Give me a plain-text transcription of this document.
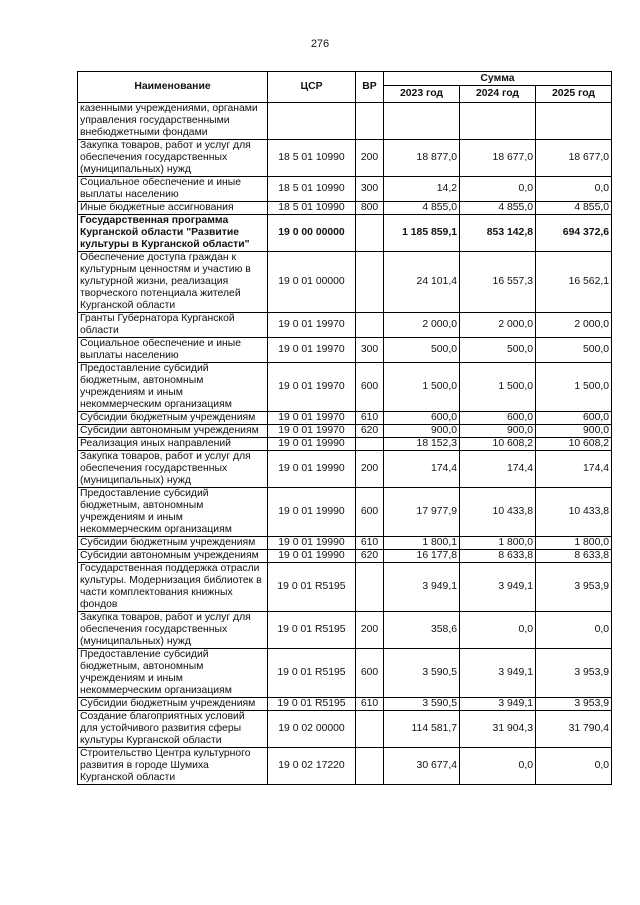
276
Наименование	ЦСР	ВР	Сумма		
			2023 год	2024 год	2025 год
казенными учреждениями, органами управления государственными внебюджетными фондами					
Закупка товаров, работ и услуг для обеспечения государственных (муниципальных) нужд	18 5 01 10990	200	18 877,0	18 677,0	18 677,0
Социальное обеспечение и иные выплаты населению	18 5 01 10990	300	14,2	0,0	0,0
Иные бюджетные ассигнования	18 5 01 10990	800	4 855,0	4 855,0	4 855,0
Государственная программа Курганской области "Развитие культуры в Курганской области"	19 0 00 00000		1 185 859,1	853 142,8	694 372,6
Обеспечение доступа граждан к культурным ценностям и участию в культурной жизни, реализация творческого потенциала жителей Курганской области	19 0 01 00000		24 101,4	16 557,3	16 562,1
Гранты Губернатора Курганской области	19 0 01 19970		2 000,0	2 000,0	2 000,0
Социальное обеспечение и иные выплаты населению	19 0 01 19970	300	500,0	500,0	500,0
Предоставление субсидий бюджетным, автономным учреждениям и иным некоммерческим организациям	19 0 01 19970	600	1 500,0	1 500,0	1 500,0
Субсидии бюджетным учреждениям	19 0 01 19970	610	600,0	600,0	600,0
Субсидии автономным учреждениям	19 0 01 19970	620	900,0	900,0	900,0
Реализация иных направлений	19 0 01 19990		18 152,3	10 608,2	10 608,2
Закупка товаров, работ и услуг для обеспечения государственных (муниципальных) нужд	19 0 01 19990	200	174,4	174,4	174,4
Предоставление субсидий бюджетным, автономным учреждениям и иным некоммерческим организациям	19 0 01 19990	600	17 977,9	10 433,8	10 433,8
Субсидии бюджетным учреждениям	19 0 01 19990	610	1 800,1	1 800,0	1 800,0
Субсидии автономным учреждениям	19 0 01 19990	620	16 177,8	8 633,8	8 633,8
Государственная поддержка отрасли культуры. Модернизация библиотек в части комплектования книжных фондов	19 0 01 R5195		3 949,1	3 949,1	3 953,9
Закупка товаров, работ и услуг для обеспечения государственных (муниципальных) нужд	19 0 01 R5195	200	358,6	0,0	0,0
Предоставление субсидий бюджетным, автономным учреждениям и иным некоммерческим организациям	19 0 01 R5195	600	3 590,5	3 949,1	3 953,9
Субсидии бюджетным учреждениям	19 0 01 R5195	610	3 590,5	3 949,1	3 953,9
Создание благоприятных условий для устойчивого развития сферы культуры Курганской области	19 0 02 00000		114 581,7	31 904,3	31 790,4
Строительство Центра культурного развития в городе Шумиха Курганской области	19 0 02 17220		30 677,4	0,0	0,0
